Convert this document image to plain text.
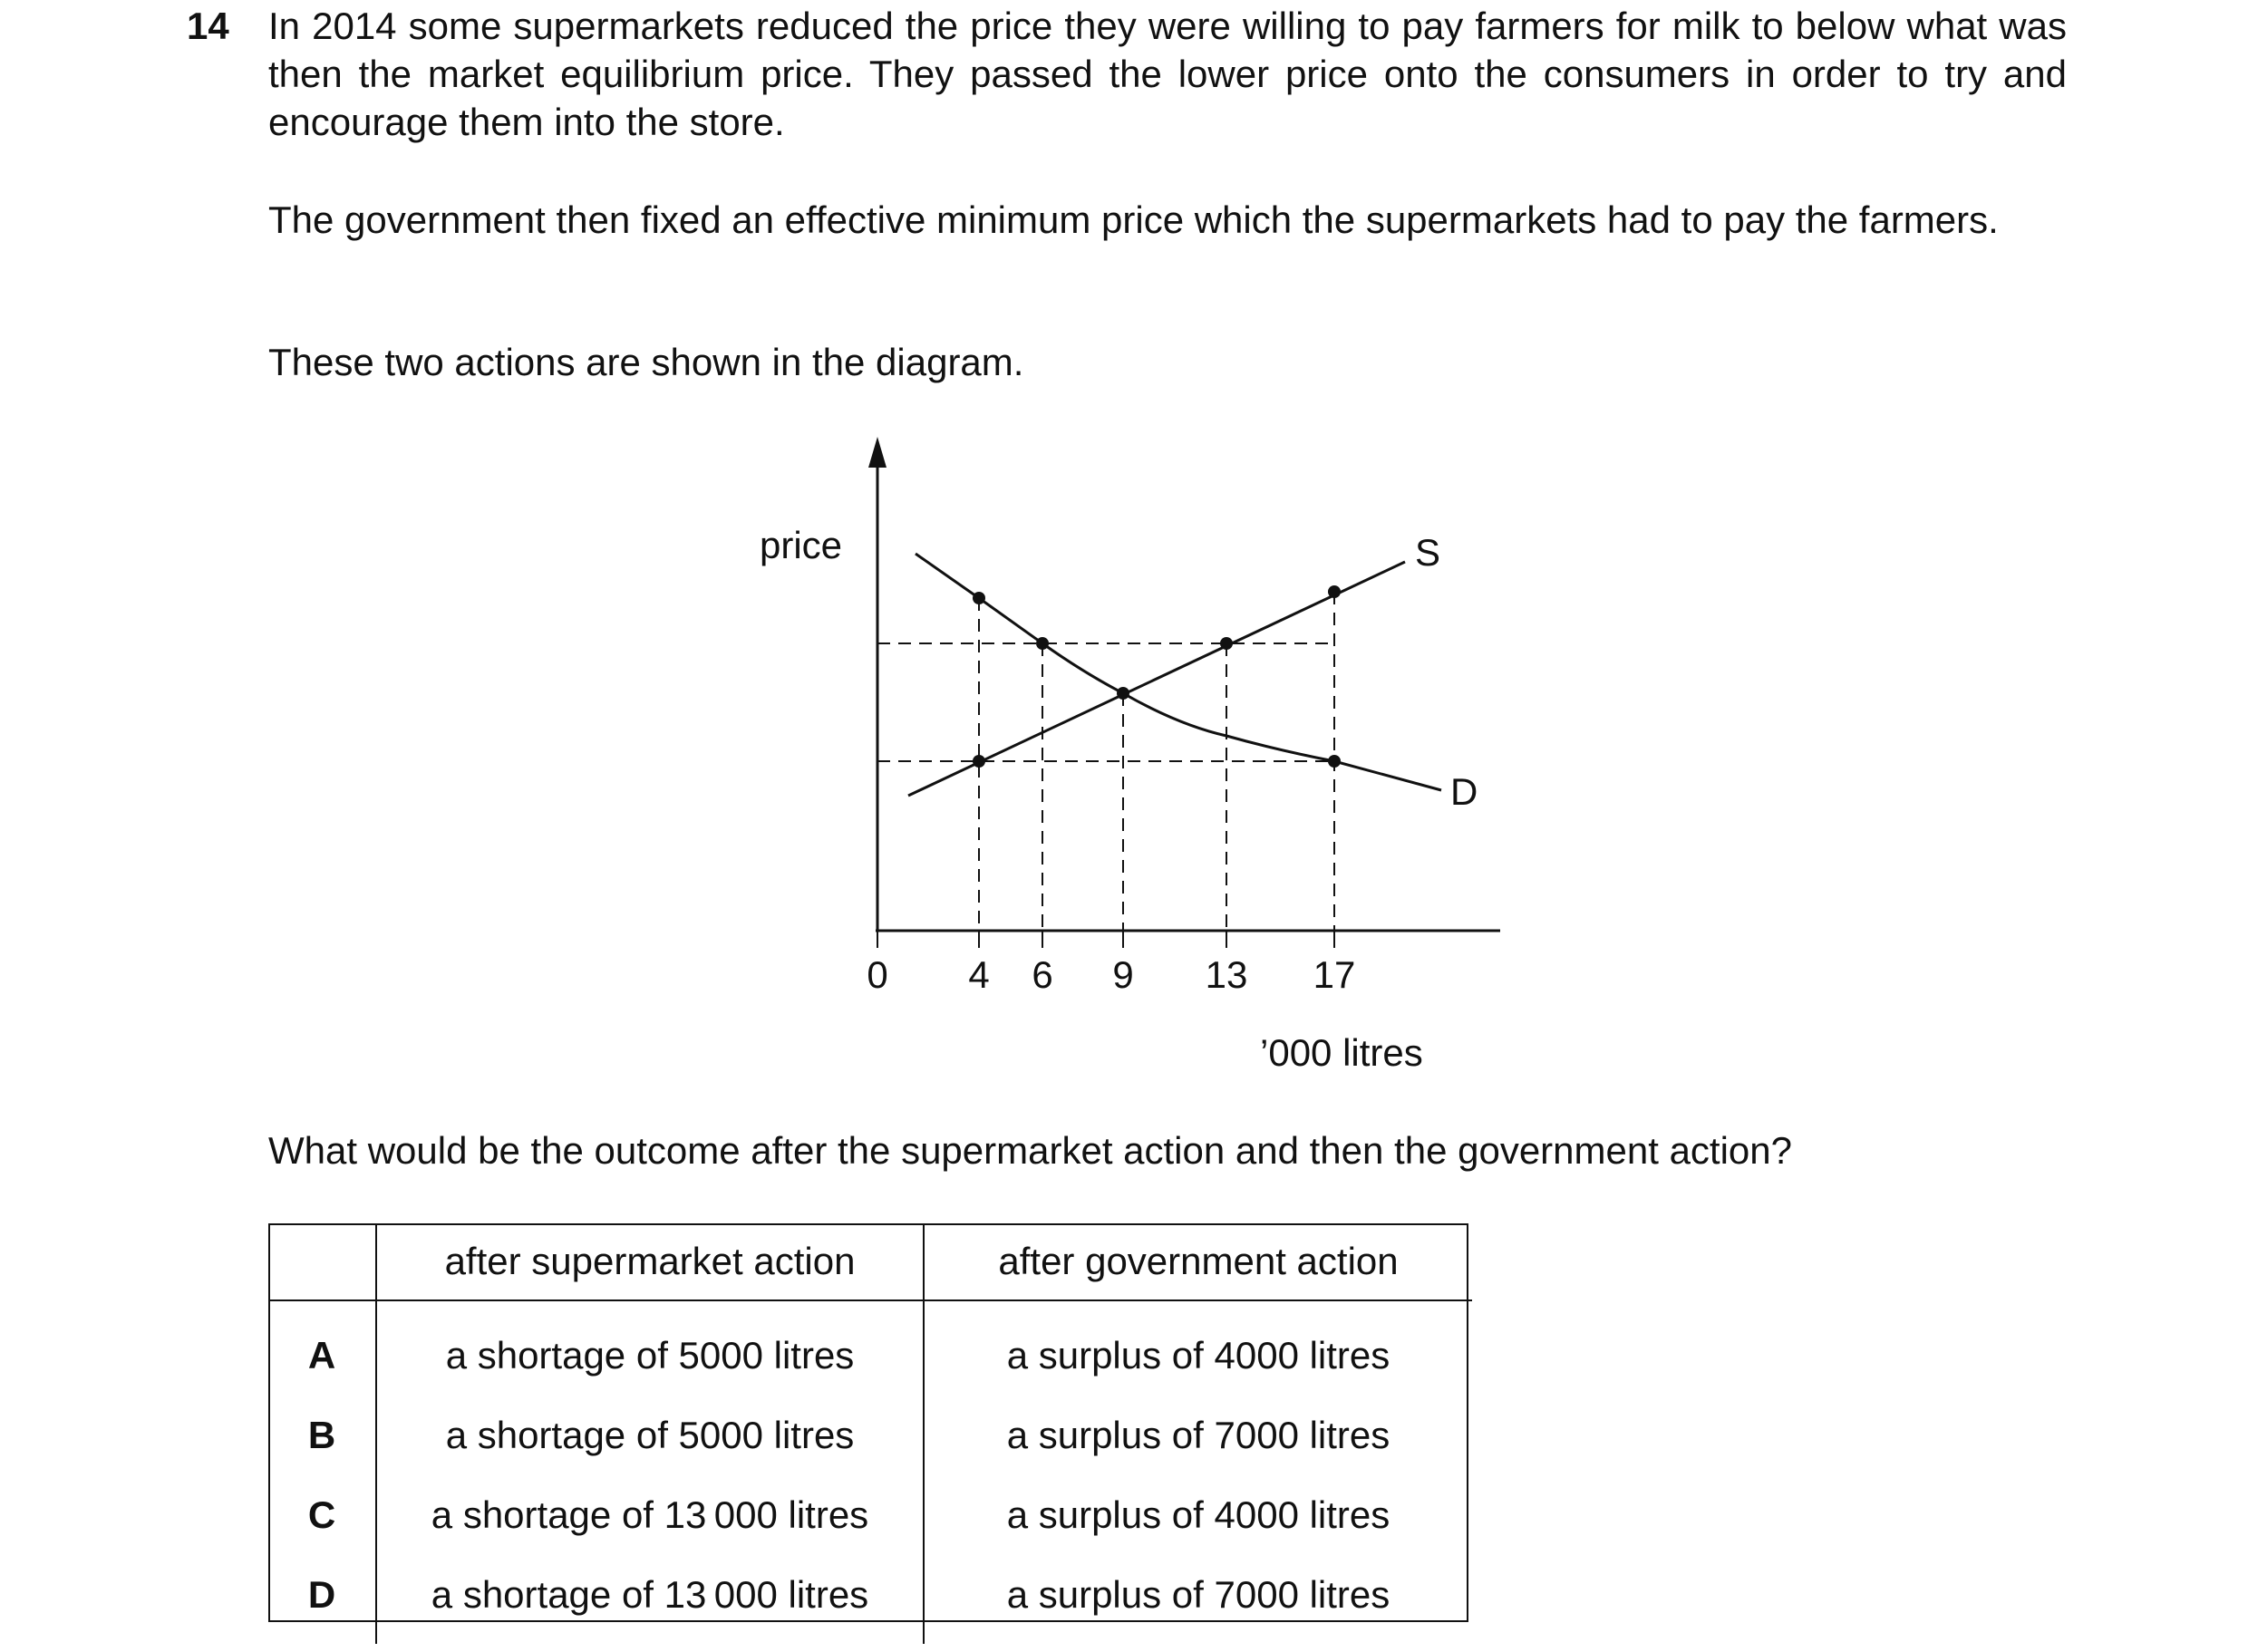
14 In 2014 some supermarkets reduced the price they were willing to pay farmers for milk to below what was then the market equilibrium price. They passed the lower price onto the consumers in order to try and encourage them into the store.

The government then fixed an effective minimum price which the supermarkets had to pay the farmers.

These two actions are shown in the diagram.

price	S
D
0 4 6 9 13 17
’000 litres

What would be the outcome after the supermarket action and then the government action?

	after supermarket action	after government action
A	a shortage of 5000 litres	a surplus of 4000 litres
B	a shortage of 5000 litres	a surplus of 7000 litres
C	a shortage of 13 000 litres	a surplus of 4000 litres
D	a shortage of 13 000 litres	a surplus of 7000 litres
